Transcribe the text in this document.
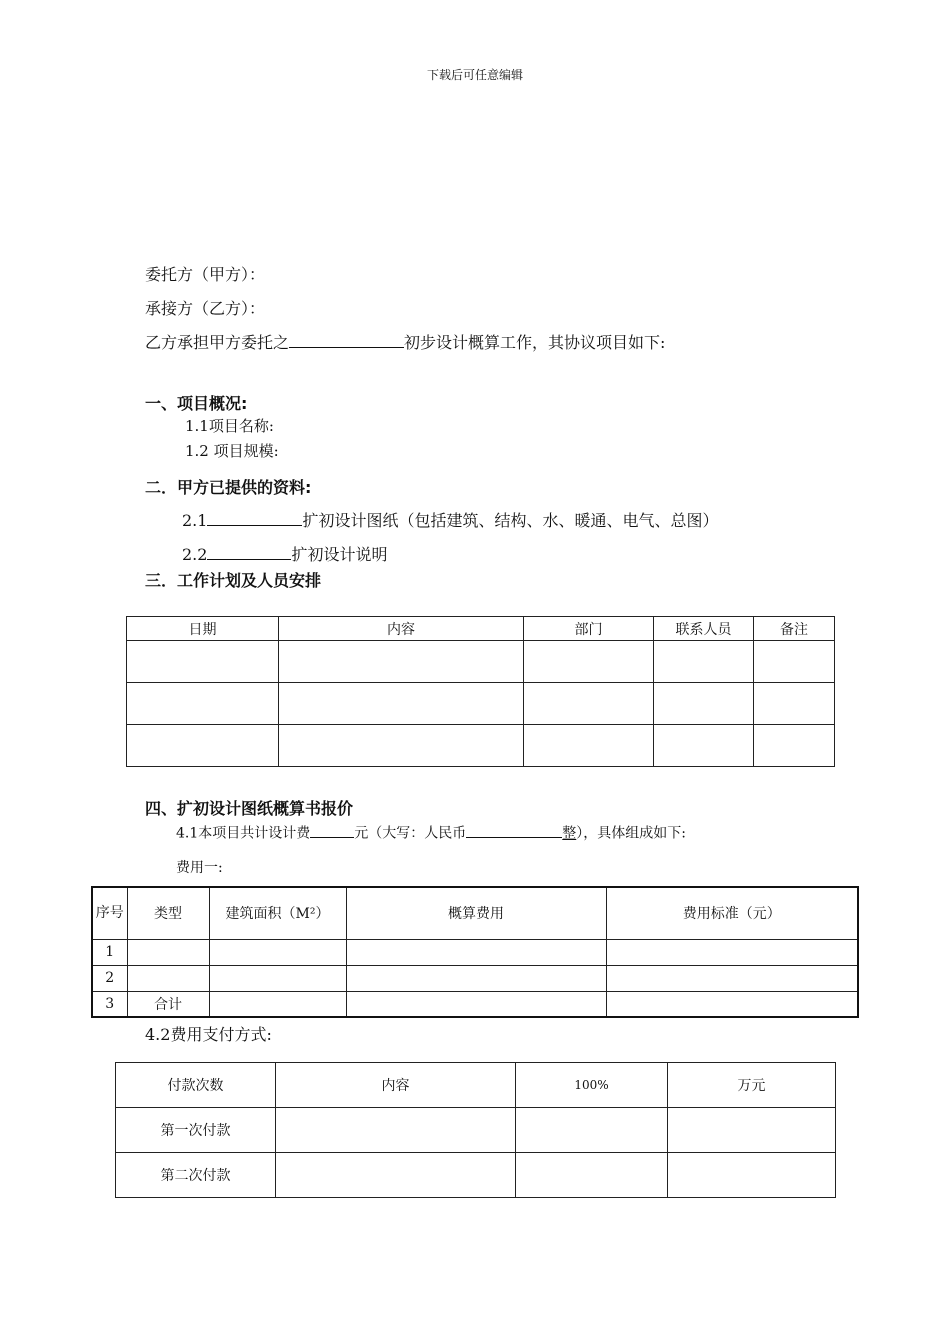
下载后可任意编辑
委托方（甲方）：
承接方（乙方）：
乙方承担甲方委托之	初步设计概算工作，其协议项目如下:
一、项目概况:
1.1项目名称:
1.2 项目规模:
二．甲方已提供的资料:
2.1	扩初设计图纸（包括建筑、结构、水、暖通、电气、总图）
2.2	扩初设计说明
三．工作计划及人员安排
日期	内容	部门	联系人员	备注

四、扩初设计图纸概算书报价
4.1本项目共计设计费	元（大写：人民币	整），具体组成如下:
费用一:
序号	类型	建筑面积（M²）	概算费用	费用标准（元）
1				
2				
3	合计			
4.2费用支付方式:
付款次数	内容	100%	万元
第一次付款			
第二次付款			
